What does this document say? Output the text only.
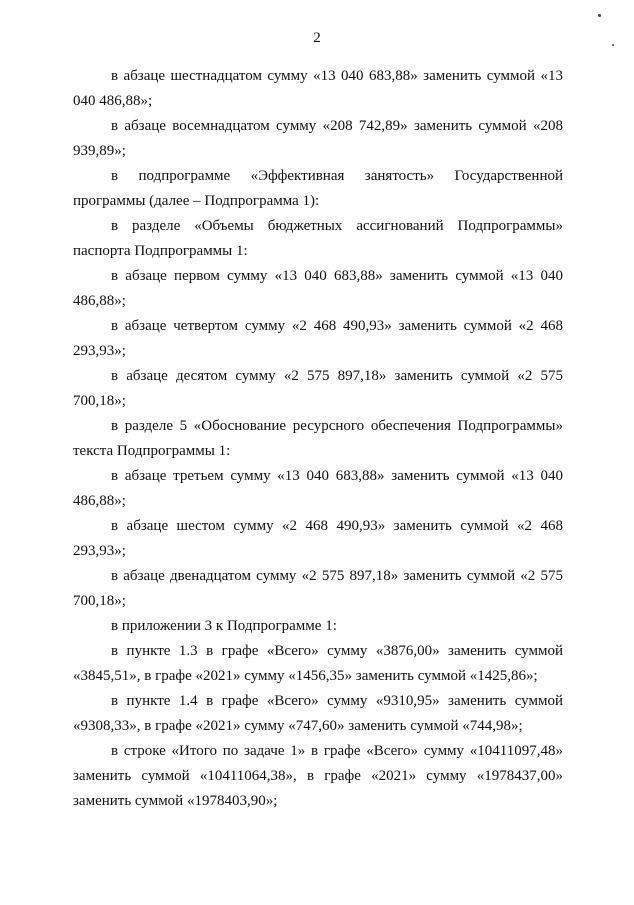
2

в абзаце шестнадцатом сумму «13 040 683,88» заменить суммой «13 040 486,88»;

в абзаце восемнадцатом сумму «208 742,89» заменить суммой «208 939,89»;

в подпрограмме «Эффективная занятость» Государственной программы (далее – Подпрограмма 1):

в разделе «Объемы бюджетных ассигнований Подпрограммы» паспорта Подпрограммы 1:

в абзаце первом сумму «13 040 683,88» заменить суммой «13 040 486,88»;

в абзаце четвертом сумму «2 468 490,93» заменить суммой «2 468 293,93»;

в абзаце десятом сумму «2 575 897,18» заменить суммой «2 575 700,18»;

в разделе 5 «Обоснование ресурсного обеспечения Подпрограммы» текста Подпрограммы 1:

в абзаце третьем сумму «13 040 683,88» заменить суммой «13 040 486,88»;

в абзаце шестом сумму «2 468 490,93» заменить суммой «2 468 293,93»;

в абзаце двенадцатом сумму «2 575 897,18» заменить суммой «2 575 700,18»;

в приложении 3 к Подпрограмме 1:

в пункте 1.3 в графе «Всего» сумму «3876,00» заменить суммой «3845,51», в графе «2021» сумму «1456,35» заменить суммой «1425,86»;

в пункте 1.4 в графе «Всего» сумму «9310,95» заменить суммой «9308,33», в графе «2021» сумму «747,60» заменить суммой «744,98»;

в строке «Итого по задаче 1» в графе «Всего» сумму «10411097,48» заменить суммой «10411064,38», в графе «2021» сумму «1978437,00» заменить суммой «1978403,90»;
